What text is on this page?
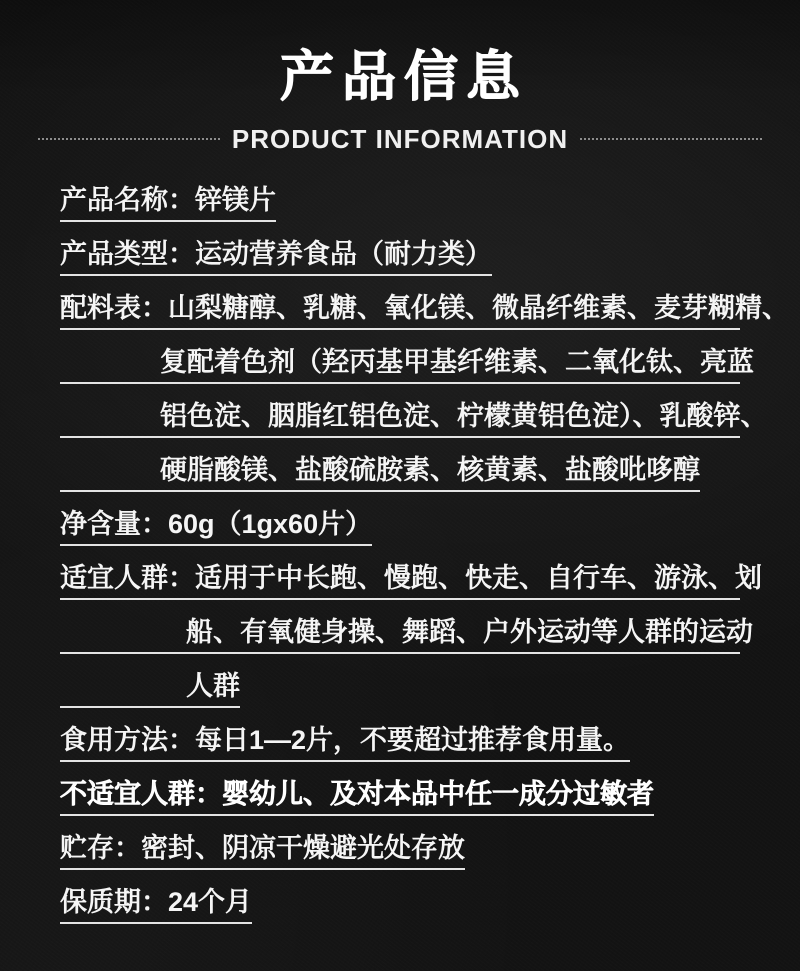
产品信息
PRODUCT INFORMATION
产品名称：锌镁片
产品类型：运动营养食品（耐力类）
配料表：山梨糖醇、乳糖、氧化镁、微晶纤维素、麦芽糊精、
复配着色剂（羟丙基甲基纤维素、二氧化钛、亮蓝
铝色淀、胭脂红铝色淀、柠檬黄铝色淀）、乳酸锌、
硬脂酸镁、盐酸硫胺素、核黄素、盐酸吡哆醇
净含量：60g（1gx60片）
适宜人群：适用于中长跑、慢跑、快走、自行车、游泳、划
船、有氧健身操、舞蹈、户外运动等人群的运动
人群
食用方法：每日1—2片，不要超过推荐食用量。
不适宜人群：婴幼儿、及对本品中任一成分过敏者
贮存：密封、阴凉干燥避光处存放
保质期：24个月
